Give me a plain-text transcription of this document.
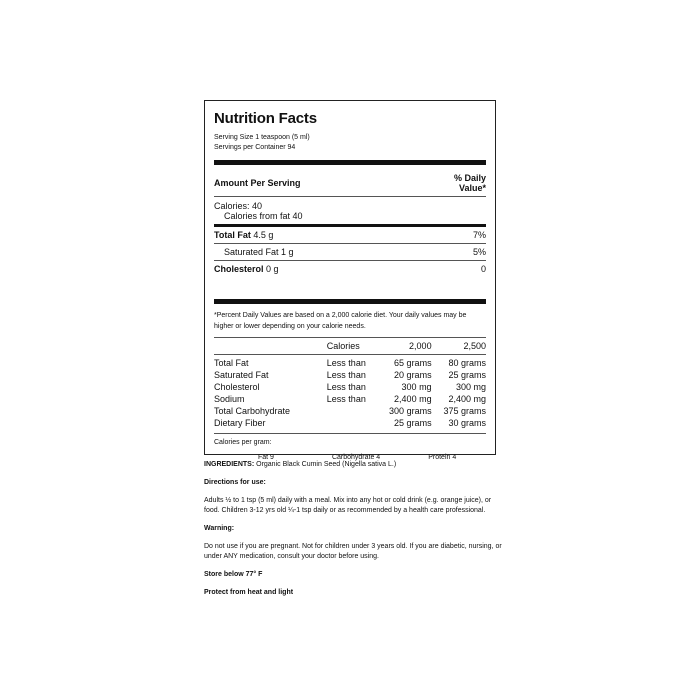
Nutrition Facts
Serving Size 1 teaspoon (5 ml)
Servings per Container 94
Amount Per Serving	% Daily
Value*
Calories: 40
Calories from fat 40
Total Fat 4.5 g	7%
Saturated Fat 1 g	5%
Cholesterol 0 g	0
*Percent Daily Values are based on a 2,000 calorie diet. Your daily values may be higher or lower depending on your calorie needs.
	Calories	2,000	2,500
Total Fat	Less than	65 grams	80 grams
Saturated Fat	Less than	20 grams	25 grams
Cholesterol	Less than	300 mg	300 mg
Sodium	Less than	2,400 mg	2,400 mg
Total Carbohydrate		300 grams	375 grams
Dietary Fiber		25 grams	30 grams
Calories per gram:
Fat 9	Carbohydrate 4	Protein 4

INGREDIENTS: Organic Black Cumin Seed (Nigella sativa L.)

Directions for use:

Adults ½ to 1 tsp (5 ml) daily with a meal. Mix into any hot or cold drink (e.g. orange juice), or food. Children 3-12 yrs old ¼-1 tsp daily or as recommended by a health care professional.

Warning:

Do not use if you are pregnant. Not for children under 3 years old. If you are diabetic, nursing, or under ANY medication, consult your doctor before using.

Store below 77° F

Protect from heat and light
